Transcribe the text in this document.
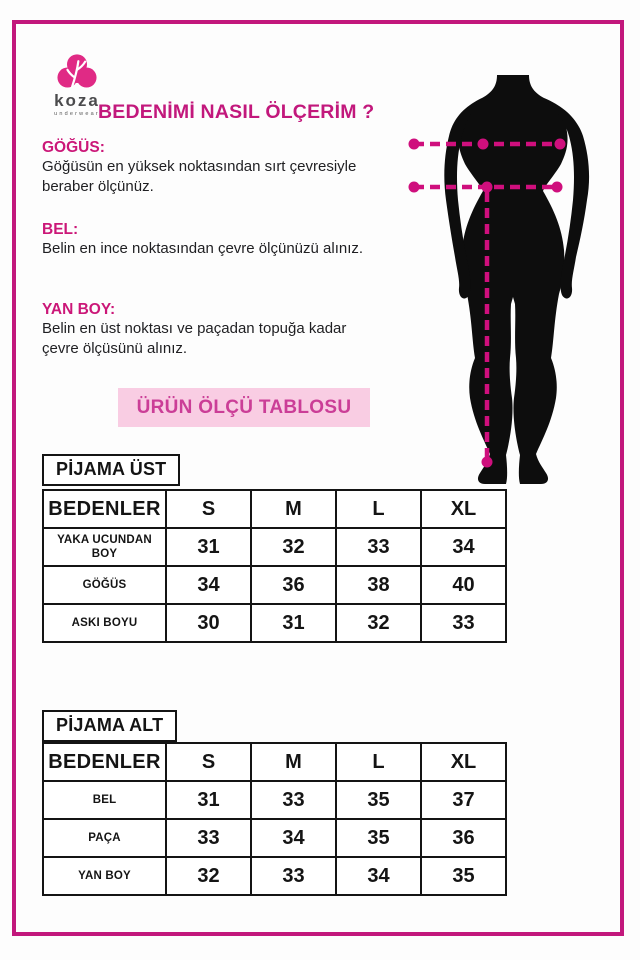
koza
underwear
BEDENİMİ NASIL ÖLÇERİM ?
GÖĞÜS:
Göğüsün en yüksek noktasından sırt çevresiyle beraber ölçünüz.
BEL:
Belin en ince noktasından çevre ölçünüzü alınız.
YAN BOY:
Belin en üst noktası ve paçadan topuğa kadar çevre ölçüsünü alınız.
ÜRÜN ÖLÇÜ TABLOSU
PİJAMA ÜST
BEDENLER	S	M	L	XL
YAKA UCUNDAN BOY	31	32	33	34
GÖĞÜS	34	36	38	40
ASKI BOYU	30	31	32	33
PİJAMA ALT
BEDENLER	S	M	L	XL
BEL	31	33	35	37
PAÇA	33	34	35	36
YAN BOY	32	33	34	35
